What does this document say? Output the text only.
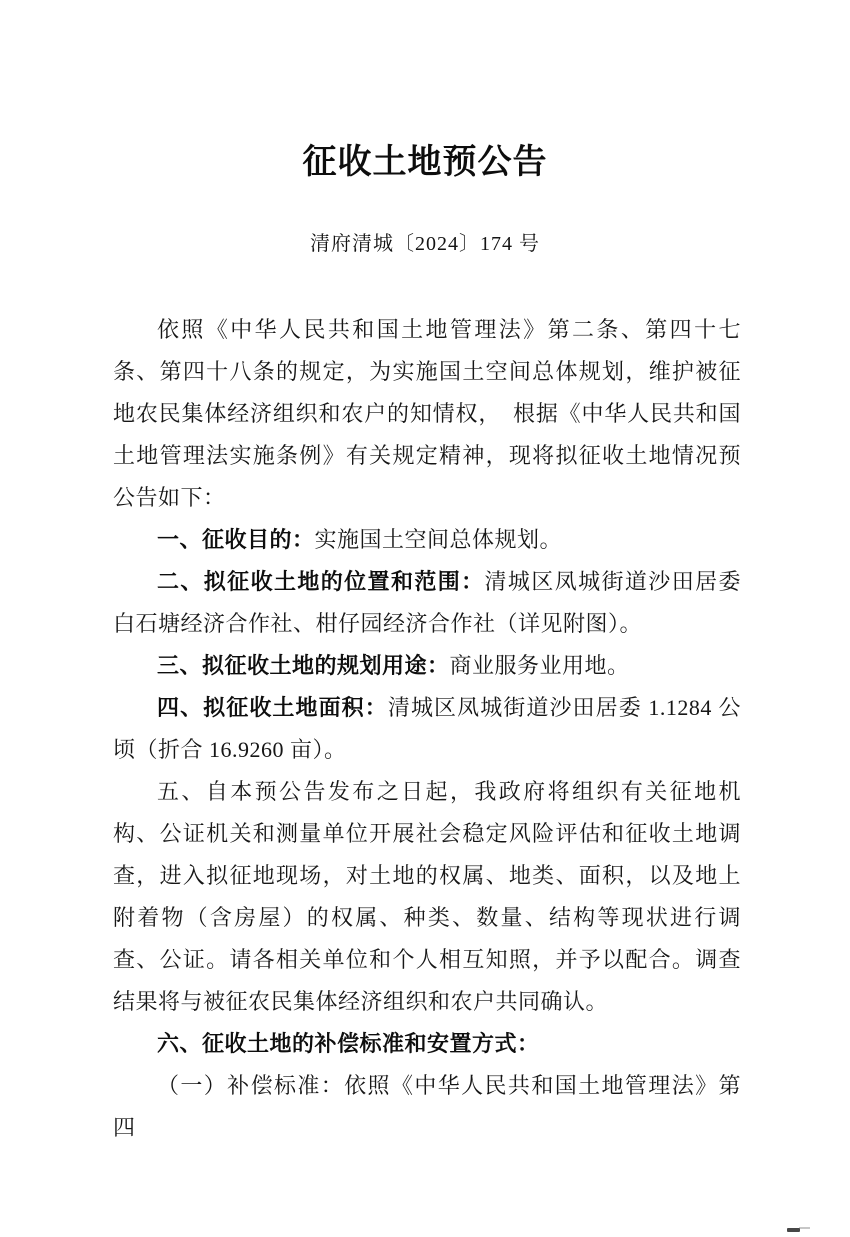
征收土地预公告
清府清城〔2024〕174 号

依照《中华人民共和国土地管理法》第二条、第四十七条、第四十八条的规定，为实施国土空间总体规划，维护被征地农民集体经济组织和农户的知情权，　根据《中华人民共和国土地管理法实施条例》有关规定精神，现将拟征收土地情况预公告如下：

一、征收目的：实施国土空间总体规划。

二、拟征收土地的位置和范围：清城区凤城街道沙田居委白石塘经济合作社、柑仔园经济合作社（详见附图）。

三、拟征收土地的规划用途：商业服务业用地。

四、拟征收土地面积：清城区凤城街道沙田居委 1.1284 公顷（折合 16.9260 亩）。

五、自本预公告发布之日起，我政府将组织有关征地机构、公证机关和测量单位开展社会稳定风险评估和征收土地调查，进入拟征地现场，对土地的权属、地类、面积，以及地上附着物（含房屋）的权属、种类、数量、结构等现状进行调查、公证。请各相关单位和个人相互知照，并予以配合。调查结果将与被征农民集体经济组织和农户共同确认。

六、征收土地的补偿标准和安置方式：

（一）补偿标准：依照《中华人民共和国土地管理法》第四
